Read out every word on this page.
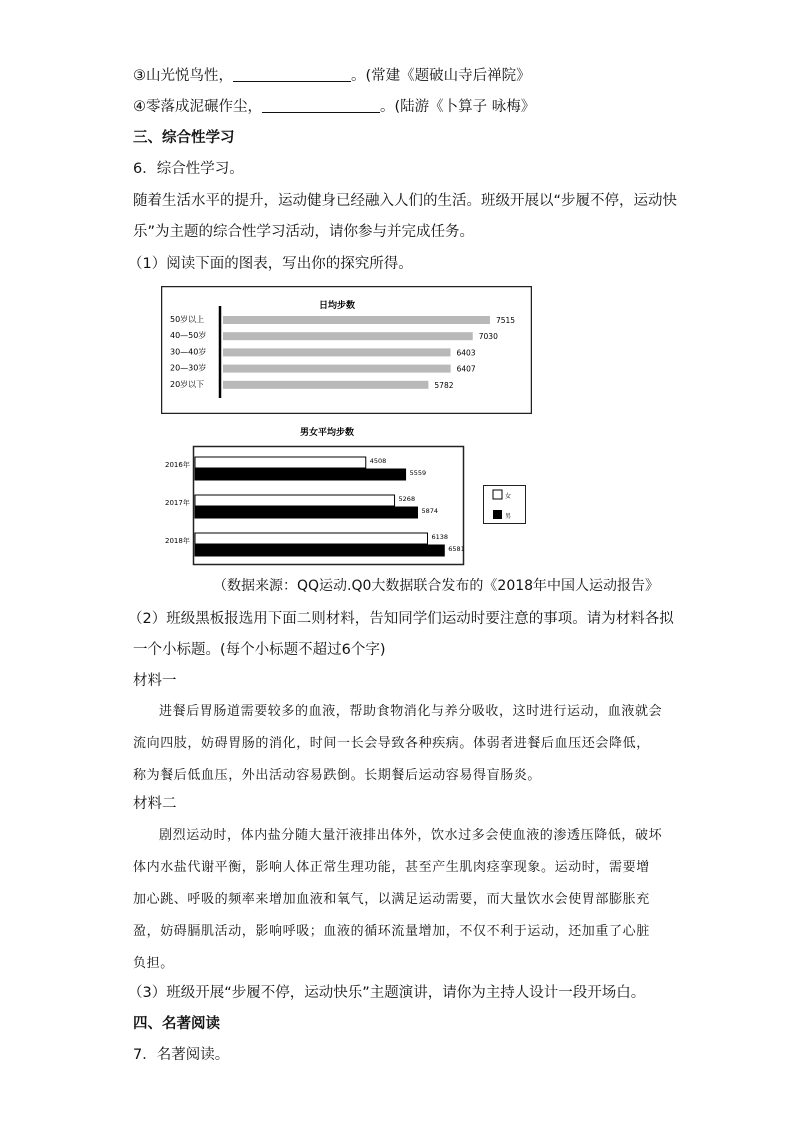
③山光悦鸟性，	。(常建《题破山寺后禅院》
④零落成泥碾作尘，	。(陆游《卜算子 咏梅》
三、综合性学习
6．综合性学习。
随着生活水平的提升，运动健身已经融入人们的生活。班级开展以“步履不停，运动快
乐”为主题的综合性学习活动，请你参与并完成任务。
（1）阅读下面的图表，写出你的探究所得。
日均步数
50岁以上	7515
40—50岁	7030
30—40岁	6403
20—30岁	6407
20岁以下	5782
男女平均步数
女
男
2016年	4508
5559
2017年	5268
5874
2018年	6138
6581
（数据来源：QQ运动.Q0大数据联合发布的《2018年中国人运动报告》
（2）班级黑板报选用下面二则材料，告知同学们运动时要注意的事项。请为材料各拟
一个小标题。(每个小标题不超过6个字)
材料一

进餐后胃肠道需要较多的血液，帮助食物消化与养分吸收，这时进行运动，血液就会流向四肢，妨碍胃肠的消化，时间一长会导致各种疾病。体弱者进餐后血压还会降低，称为餐后低血压，外出活动容易跌倒。长期餐后运动容易得盲肠炎。

材料二

剧烈运动时，体内盐分随大量汗液排出体外，饮水过多会使血液的渗透压降低，破坏体内水盐代谢平衡，影响人体正常生理功能，甚至产生肌肉痉挛现象。运动时，需要增加心跳、呼吸的频率来增加血液和氧气，以满足运动需要，而大量饮水会使胃部膨胀充盈，妨碍膈肌活动，影响呼吸；血液的循环流量增加，不仅不利于运动，还加重了心脏负担。

（3）班级开展“步履不停，运动快乐”主题演讲，请你为主持人设计一段开场白。
四、名著阅读
7．名著阅读。
